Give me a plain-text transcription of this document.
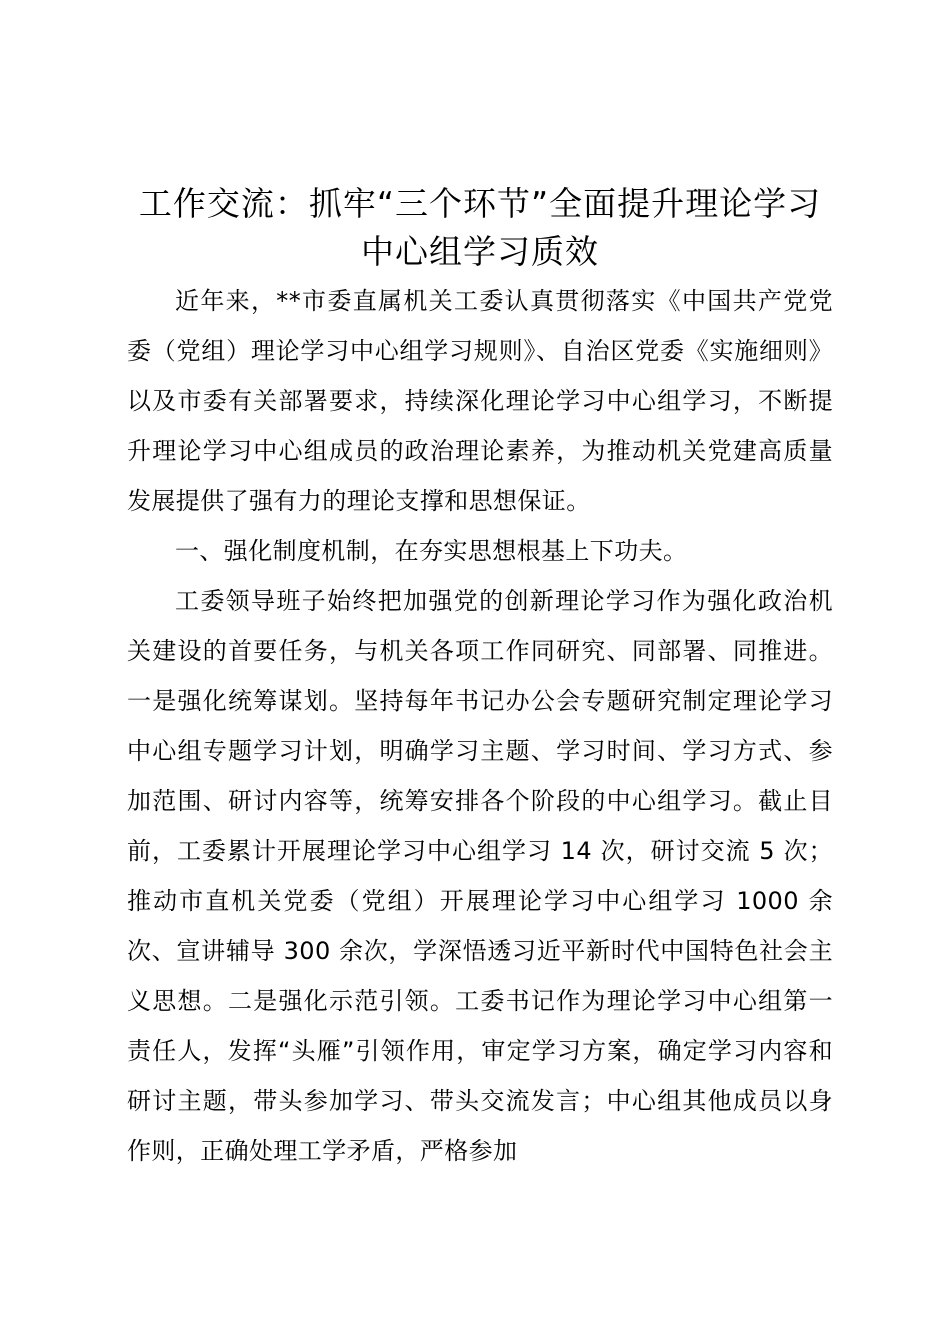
工作交流：抓牢“三个环节”全面提升理论学习中心组学习质效

近年来，**市委直属机关工委认真贯彻落实《中国共产党党委（党组）理论学习中心组学习规则》、自治区党委《实施细则》以及市委有关部署要求，持续深化理论学习中心组学习，不断提升理论学习中心组成员的政治理论素养，为推动机关党建高质量发展提供了强有力的理论支撑和思想保证。

一、强化制度机制，在夯实思想根基上下功夫。

工委领导班子始终把加强党的创新理论学习作为强化政治机关建设的首要任务，与机关各项工作同研究、同部署、同推进。一是强化统筹谋划。坚持每年书记办公会专题研究制定理论学习中心组专题学习计划，明确学习主题、学习时间、学习方式、参加范围、研讨内容等，统筹安排各个阶段的中心组学习。截止目前，工委累计开展理论学习中心组学习 14 次，研讨交流 5 次；推动市直机关党委（党组）开展理论学习中心组学习 1000 余次、宣讲辅导 300 余次，学深悟透习近平新时代中国特色社会主义思想。二是强化示范引领。工委书记作为理论学习中心组第一责任人，发挥“头雁”引领作用，审定学习方案，确定学习内容和研讨主题，带头参加学习、带头交流发言；中心组其他成员以身作则，正确处理工学矛盾，严格参加
